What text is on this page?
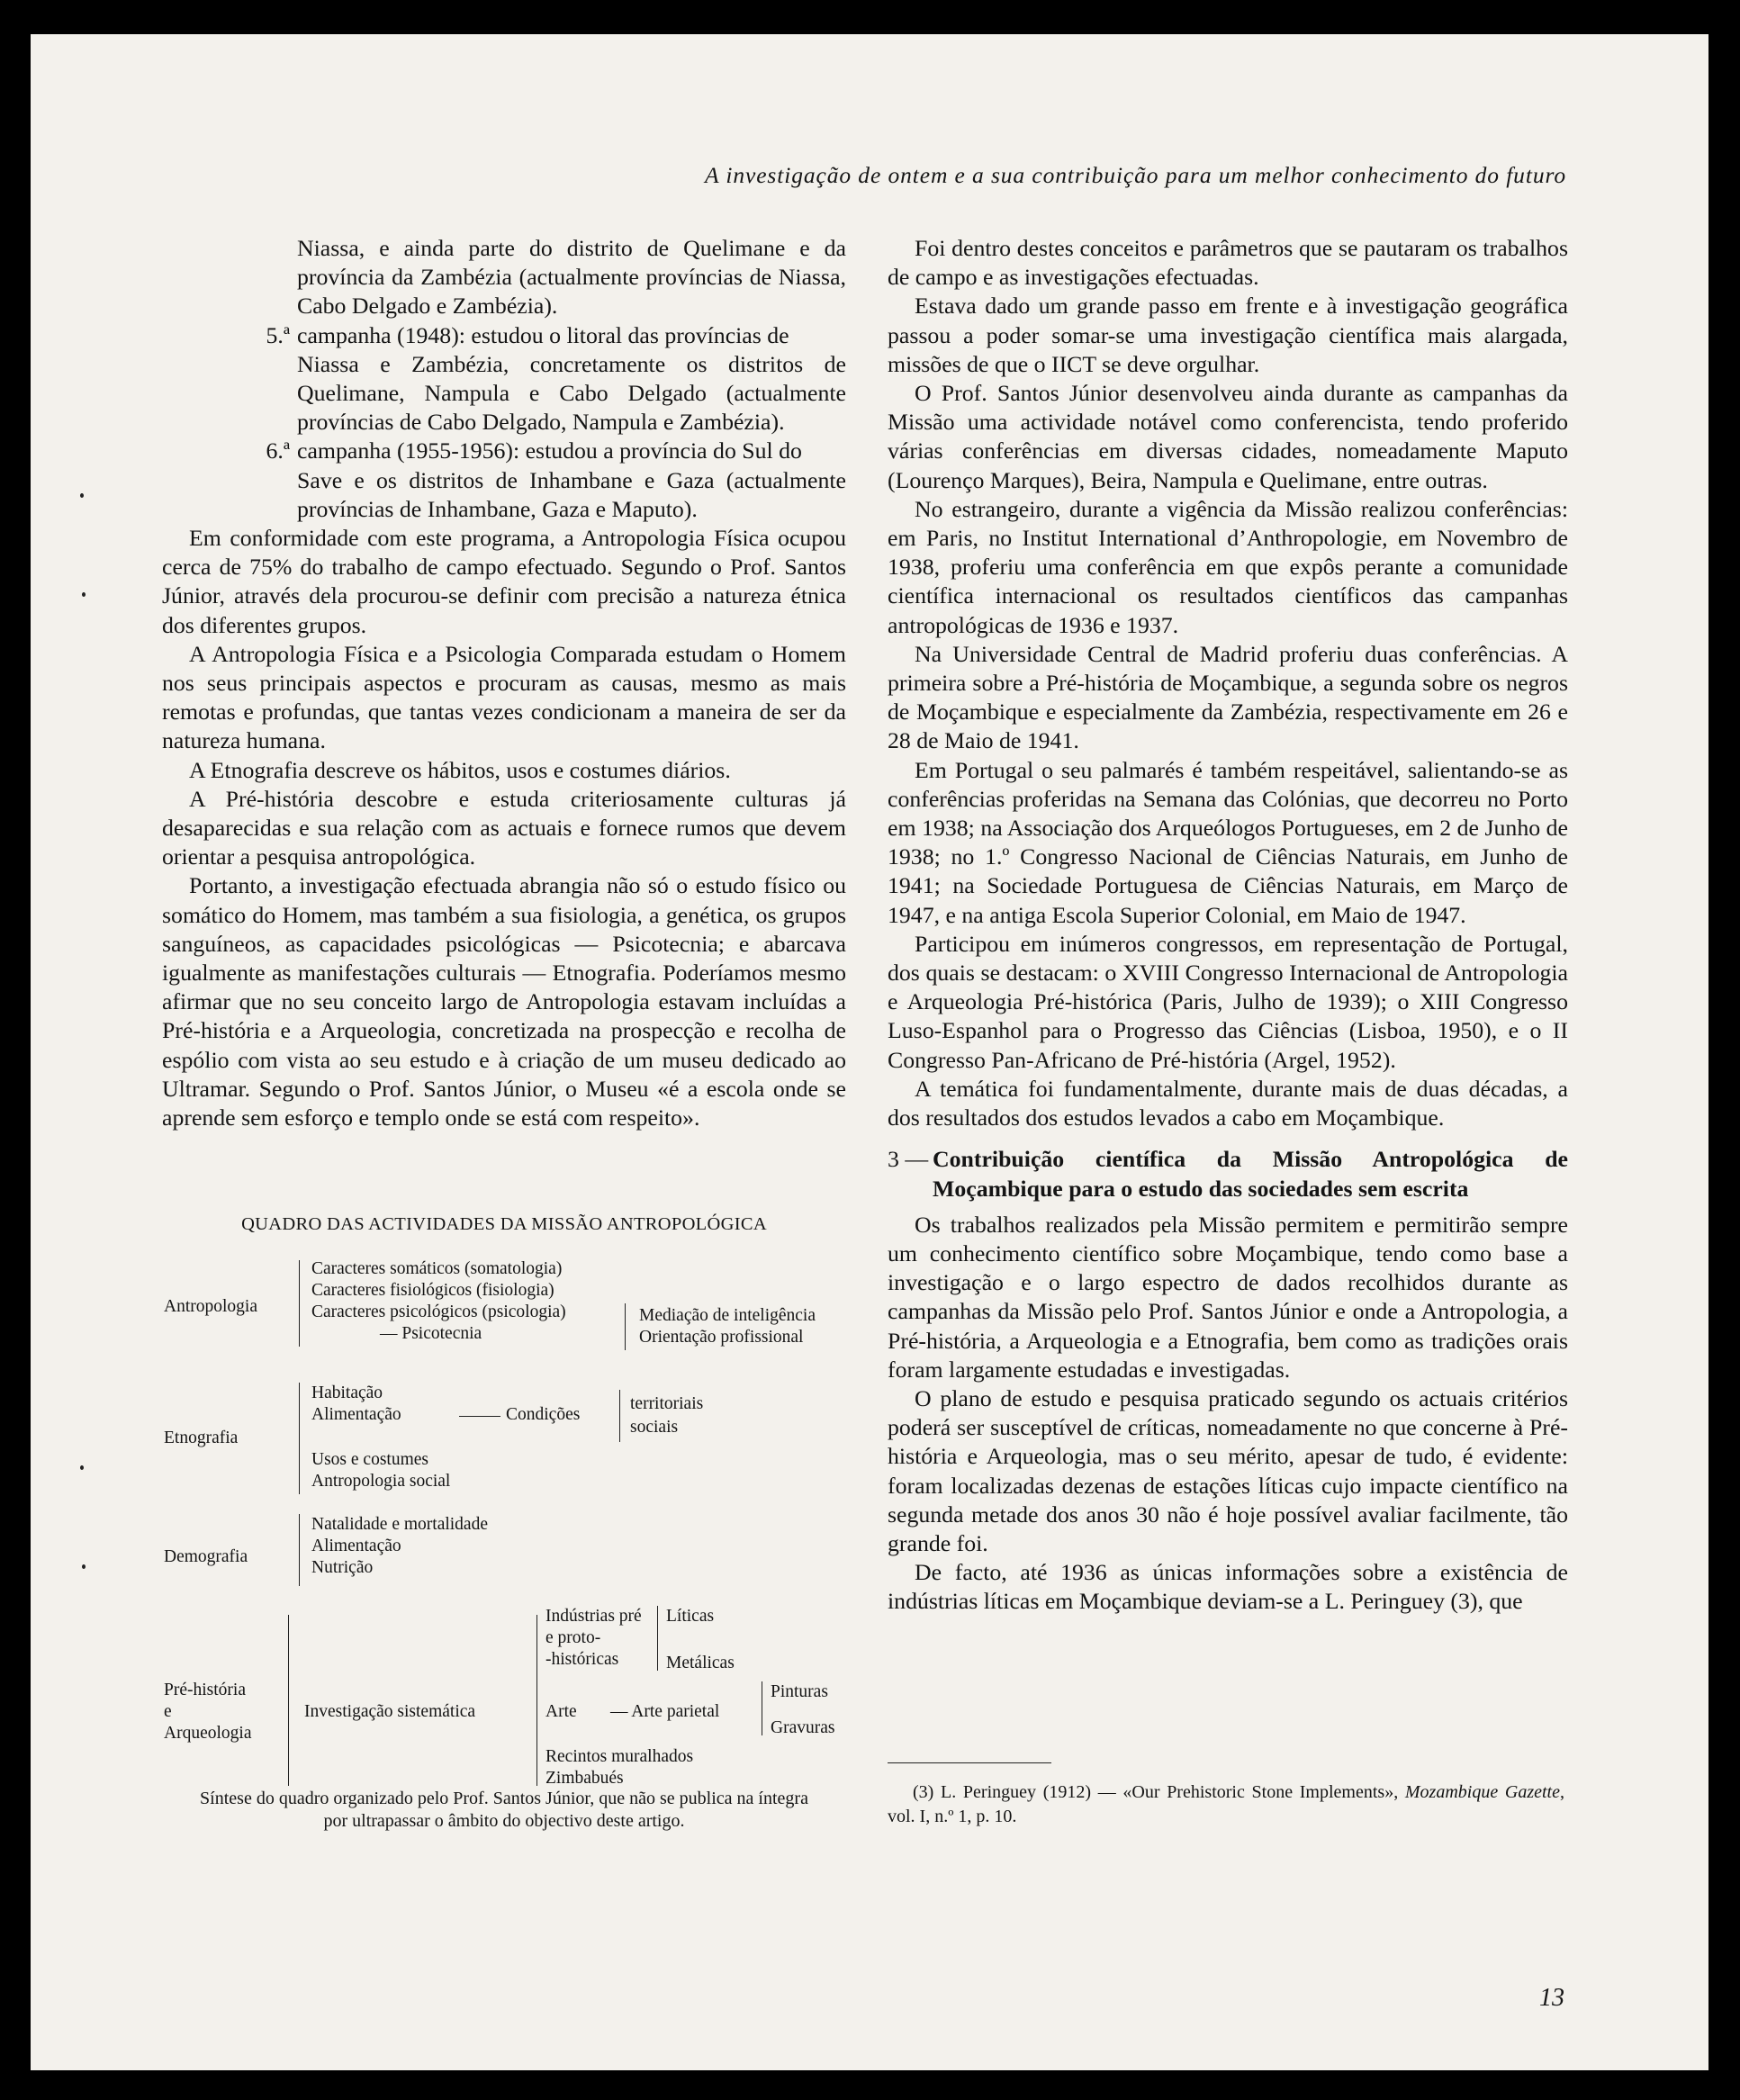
A investigação de ontem e a sua contribuição para um melhor conhecimento do futuro
Niassa, e ainda parte do distrito de Quelimane e da província da Zambézia (actualmente províncias de Niassa, Cabo Delgado e Zambézia).
5.ª campanha (1948): estudou o litoral das províncias de
Niassa e Zambézia, concretamente os distritos de Quelimane, Nampula e Cabo Delgado (actualmente províncias de Cabo Delgado, Nampula e Zambézia).
6.ª campanha (1955-1956): estudou a província do Sul do
Save e os distritos de Inhambane e Gaza (actualmente províncias de Inhambane, Gaza e Maputo).

Em conformidade com este programa, a Antropologia Física ocupou cerca de 75% do trabalho de campo efectuado. Segundo o Prof. Santos Júnior, através dela procurou-se definir com precisão a natureza étnica dos diferentes grupos.

A Antropologia Física e a Psicologia Comparada estudam o Homem nos seus principais aspectos e procuram as causas, mesmo as mais remotas e profundas, que tantas vezes condicionam a maneira de ser da natureza humana.

A Etnografia descreve os hábitos, usos e costumes diários.

A Pré-história descobre e estuda criteriosamente culturas já desaparecidas e sua relação com as actuais e fornece rumos que devem orientar a pesquisa antropológica.

Portanto, a investigação efectuada abrangia não só o estudo físico ou somático do Homem, mas também a sua fisiologia, a genética, os grupos sanguíneos, as capacidades psicológicas — Psicotecnia; e abarcava igualmente as manifestações culturais — Etnografia. Poderíamos mesmo afirmar que no seu conceito largo de Antropologia estavam incluídas a Pré-história e a Arqueologia, concretizada na prospecção e recolha de espólio com vista ao seu estudo e à criação de um museu dedicado ao Ultramar. Segundo o Prof. Santos Júnior, o Museu «é a escola onde se aprende sem esforço e templo onde se está com respeito».

QUADRO DAS ACTIVIDADES DA MISSÃO ANTROPOLÓGICA
Antropologia
Caracteres somáticos (somatologia)
Caracteres fisiológicos (fisiologia)
Caracteres psicológicos (psicologia)
— Psicotecnia
Mediação de inteligência
Orientação profissional
Etnografia
Habitação
Alimentação	Condições
territoriais
sociais
Usos e costumes
Antropologia social
Demografia
Natalidade e mortalidade
Alimentação
Nutrição
Pré-história
e
Arqueologia
Investigação sistemática
Indústrias pré
e proto-
-históricas
Líticas
Metálicas
Arte — Arte parietal
Pinturas
Gravuras
Recintos muralhados
Zimbabués
Síntese do quadro organizado pelo Prof. Santos Júnior, que não se publica na íntegra
por ultrapassar o âmbito do objectivo deste artigo.

Foi dentro destes conceitos e parâmetros que se pautaram os trabalhos de campo e as investigações efectuadas.

Estava dado um grande passo em frente e à investigação geográfica passou a poder somar-se uma investigação científica mais alargada, missões de que o IICT se deve orgulhar.

O Prof. Santos Júnior desenvolveu ainda durante as campanhas da Missão uma actividade notável como conferencista, tendo proferido várias conferências em diversas cidades, nomeadamente Maputo (Lourenço Marques), Beira, Nampula e Quelimane, entre outras.

No estrangeiro, durante a vigência da Missão realizou conferências: em Paris, no Institut International d’Anthropologie, em Novembro de 1938, proferiu uma conferência em que expôs perante a comunidade científica internacional os resultados científicos das campanhas antropológicas de 1936 e 1937.

Na Universidade Central de Madrid proferiu duas conferências. A primeira sobre a Pré-história de Moçambique, a segunda sobre os negros de Moçambique e especialmente da Zambézia, respectivamente em 26 e 28 de Maio de 1941.

Em Portugal o seu palmarés é também respeitável, salientando-se as conferências proferidas na Semana das Colónias, que decorreu no Porto em 1938; na Associação dos Arqueólogos Portugueses, em 2 de Junho de 1938; no 1.º Congresso Nacional de Ciências Naturais, em Junho de 1941; na Sociedade Portuguesa de Ciências Naturais, em Março de 1947, e na antiga Escola Superior Colonial, em Maio de 1947.

Participou em inúmeros congressos, em representação de Portugal, dos quais se destacam: o XVIII Congresso Internacional de Antropologia e Arqueologia Pré-histórica (Paris, Julho de 1939); o XIII Congresso Luso-Espanhol para o Progresso das Ciências (Lisboa, 1950), e o II Congresso Pan-Africano de Pré-história (Argel, 1952).

A temática foi fundamentalmente, durante mais de duas décadas, a dos resultados dos estudos levados a cabo em Moçambique.

3 — Contribuição científica da Missão Antropológica de Moçambique para o estudo das sociedades sem escrita

Os trabalhos realizados pela Missão permitem e permitirão sempre um conhecimento científico sobre Moçambique, tendo como base a investigação e o largo espectro de dados recolhidos durante as campanhas da Missão pelo Prof. Santos Júnior e onde a Antropologia, a Pré-história, a Arqueologia e a Etnografia, bem como as tradições orais foram largamente estudadas e investigadas.

O plano de estudo e pesquisa praticado segundo os actuais critérios poderá ser susceptível de críticas, nomeadamente no que concerne à Pré-história e Arqueologia, mas o seu mérito, apesar de tudo, é evidente: foram localizadas dezenas de estações líticas cujo impacte científico na segunda metade dos anos 30 não é hoje possível avaliar facilmente, tão grande foi.

De facto, até 1936 as únicas informações sobre a existência de indústrias líticas em Moçambique deviam-se a L. Peringuey (3), que

(3) L. Peringuey (1912) — «Our Prehistoric Stone Implements», Mozambique Gazette, vol. I, n.º 1, p. 10.
13
